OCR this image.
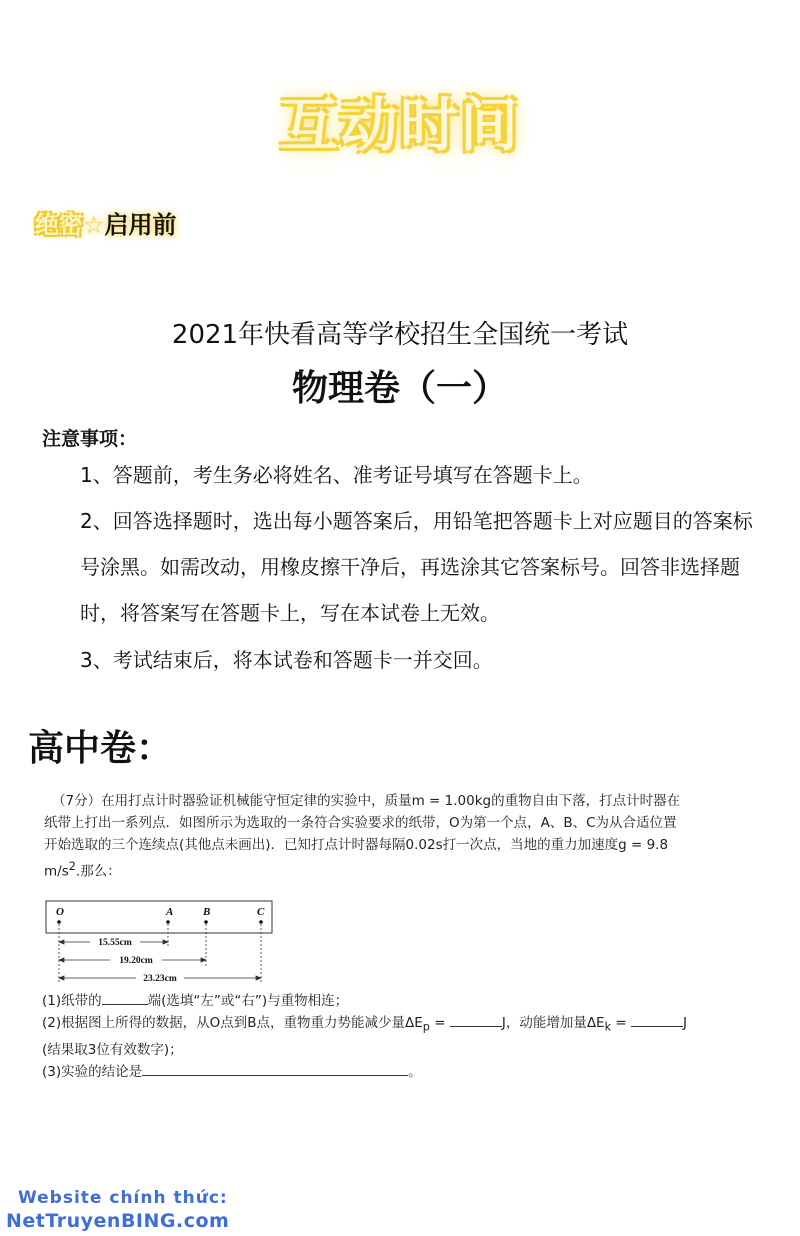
互动时间
绝密☆启用前
2021年快看高等学校招生全国统一考试
物理卷（一）
注意事项：
1、答题前，考生务必将姓名、准考证号填写在答题卡上。
2、回答选择题时，选出每小题答案后，用铅笔把答题卡上对应题目的答案标号涂黑。如需改动，用橡皮擦干净后，再选涂其它答案标号。回答非选择题时，将答案写在答题卡上，写在本试卷上无效。
3、考试结束后，将本试卷和答题卡一并交回。
高中卷：
（7分）在用打点计时器验证机械能守恒定律的实验中，质量m = 1.00kg的重物自由下落，打点计时器在纸带上打出一系列点．如图所示为选取的一条符合实验要求的纸带，O为第一个点，A、B、C为从合适位置开始选取的三个连续点(其他点未画出)．已知打点计时器每隔0.02s打一次点，当地的重力加速度g = 9.8 $m/s^2$.那么：
O	A	B	C
15.55cm
19.20cm
23.23cm
(1)纸带的	端(选填“左”或“右”)与重物相连；
(2)根据图上所得的数据，从O点到B点，重物重力势能减少量$\Delta E_p$ =	J，动能增加量$\Delta E_k$ =	J
(结果取3位有效数字)；
(3)实验的结论是	。
Website chính thức:
NetTruyenBING.com
